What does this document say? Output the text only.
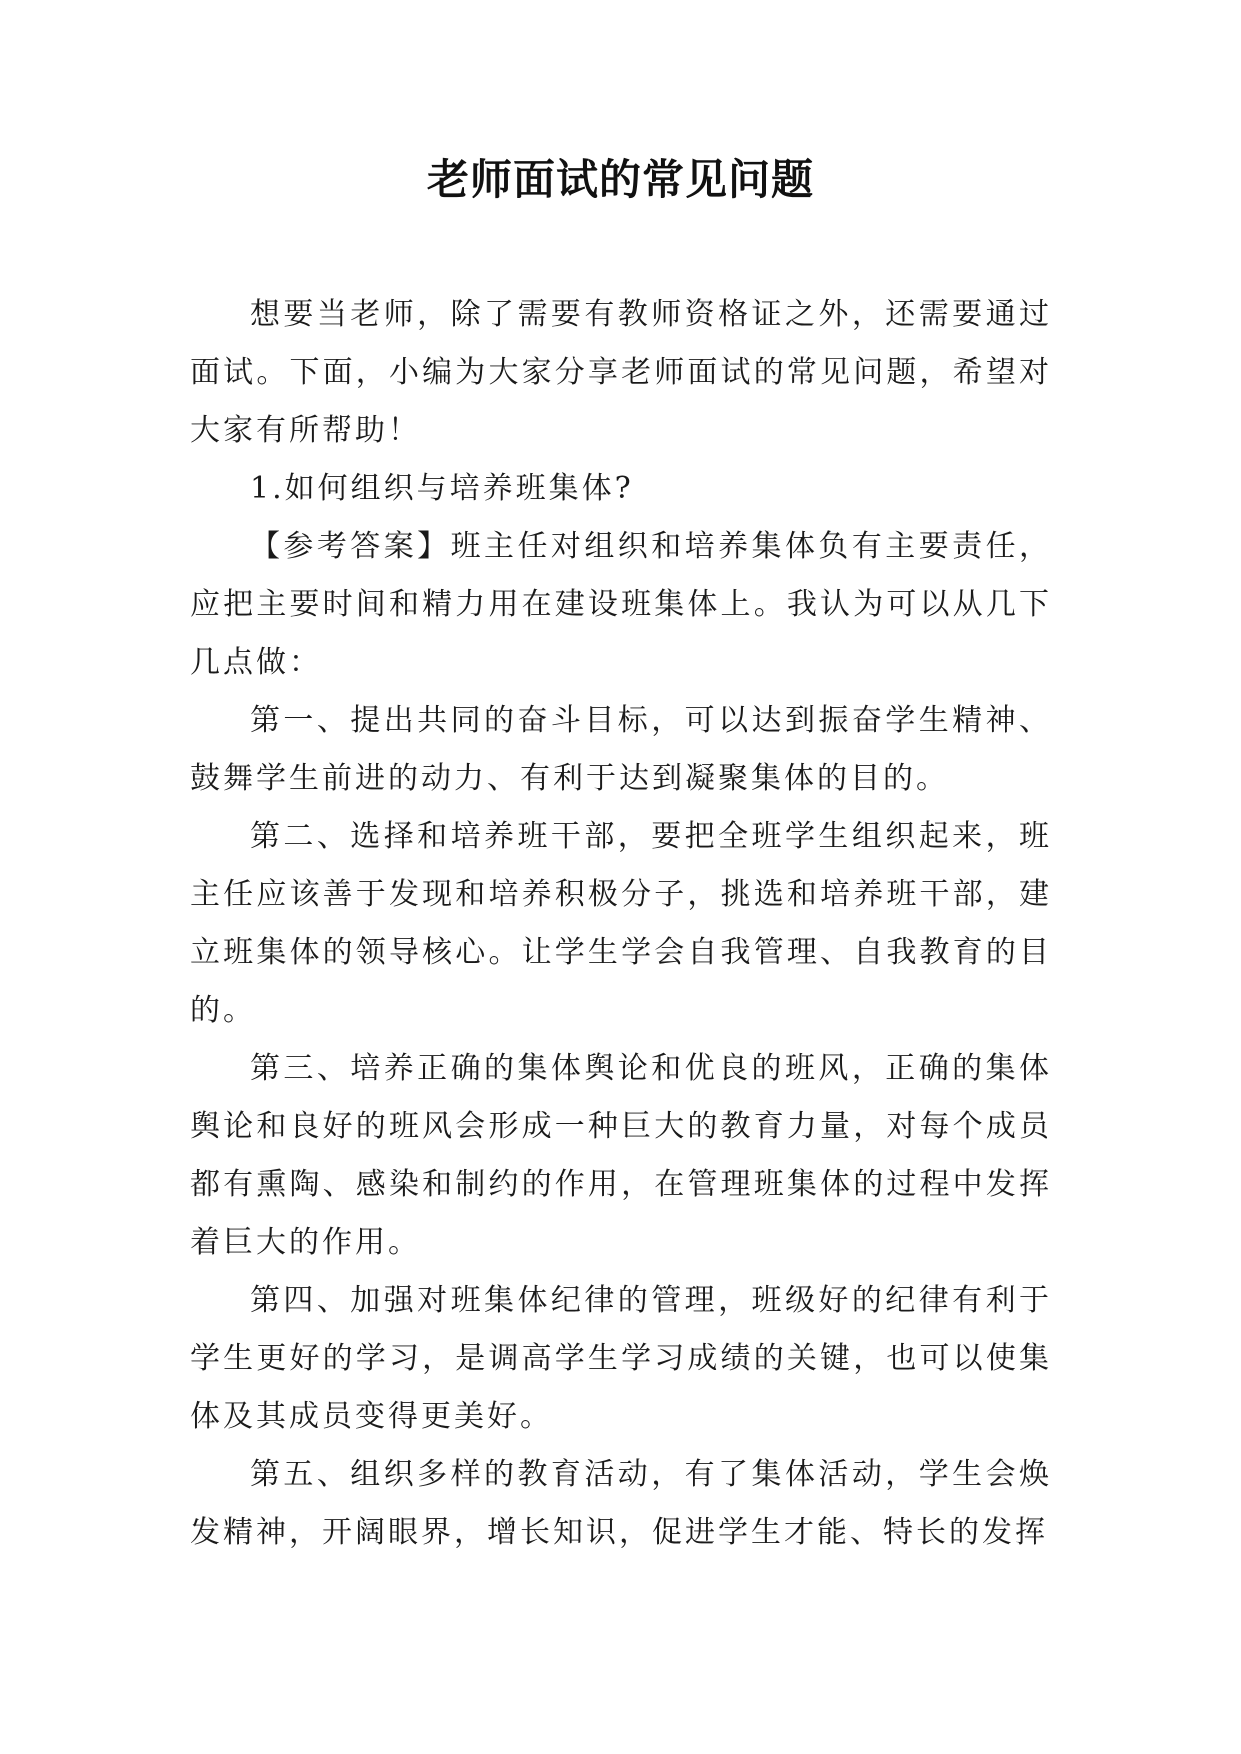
老师面试的常见问题

想要当老师，除了需要有教师资格证之外，还需要通过面试。下面，小编为大家分享老师面试的常见问题，希望对大家有所帮助！

1.如何组织与培养班集体?

【参考答案】班主任对组织和培养集体负有主要责任，应把主要时间和精力用在建设班集体上。我认为可以从几下几点做：

第一、提出共同的奋斗目标，可以达到振奋学生精神、鼓舞学生前进的动力、有利于达到凝聚集体的目的。

第二、选择和培养班干部，要把全班学生组织起来，班主任应该善于发现和培养积极分子，挑选和培养班干部，建立班集体的领导核心。让学生学会自我管理、自我教育的目的。

第三、培养正确的集体舆论和优良的班风，正确的集体舆论和良好的班风会形成一种巨大的教育力量，对每个成员都有熏陶、感染和制约的作用，在管理班集体的过程中发挥着巨大的作用。

第四、加强对班集体纪律的管理，班级好的纪律有利于学生更好的学习，是调高学生学习成绩的关键，也可以使集体及其成员变得更美好。

第五、组织多样的教育活动，有了集体活动，学生会焕发精神，开阔眼界，增长知识，促进学生才能、特长的发挥
